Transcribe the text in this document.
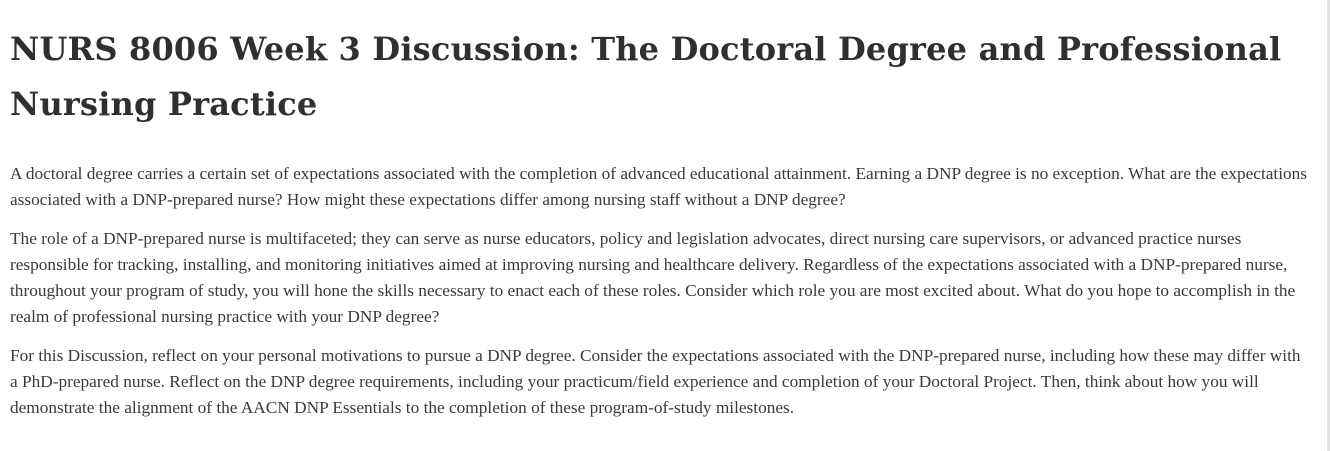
NURS 8006 Week 3 Discussion: The Doctoral Degree and Professional Nursing Practice

A doctoral degree carries a certain set of expectations associated with the completion of advanced educational attainment. Earning a DNP degree is no exception. What are the expectations associated with a DNP-prepared nurse? How might these expectations differ among nursing staff without a DNP degree?

The role of a DNP-prepared nurse is multifaceted; they can serve as nurse educators, policy and legislation advocates, direct nursing care supervisors, or advanced practice nurses responsible for tracking, installing, and monitoring initiatives aimed at improving nursing and healthcare delivery. Regardless of the expectations associated with a DNP-prepared nurse, throughout your program of study, you will hone the skills necessary to enact each of these roles. Consider which role you are most excited about. What do you hope to accomplish in the realm of professional nursing practice with your DNP degree?

For this Discussion, reflect on your personal motivations to pursue a DNP degree. Consider the expectations associated with the DNP-prepared nurse, including how these may differ with a PhD-prepared nurse. Reflect on the DNP degree requirements, including your practicum/field experience and completion of your Doctoral Project. Then, think about how you will demonstrate the alignment of the AACN DNP Essentials to the completion of these program-of-study milestones.
